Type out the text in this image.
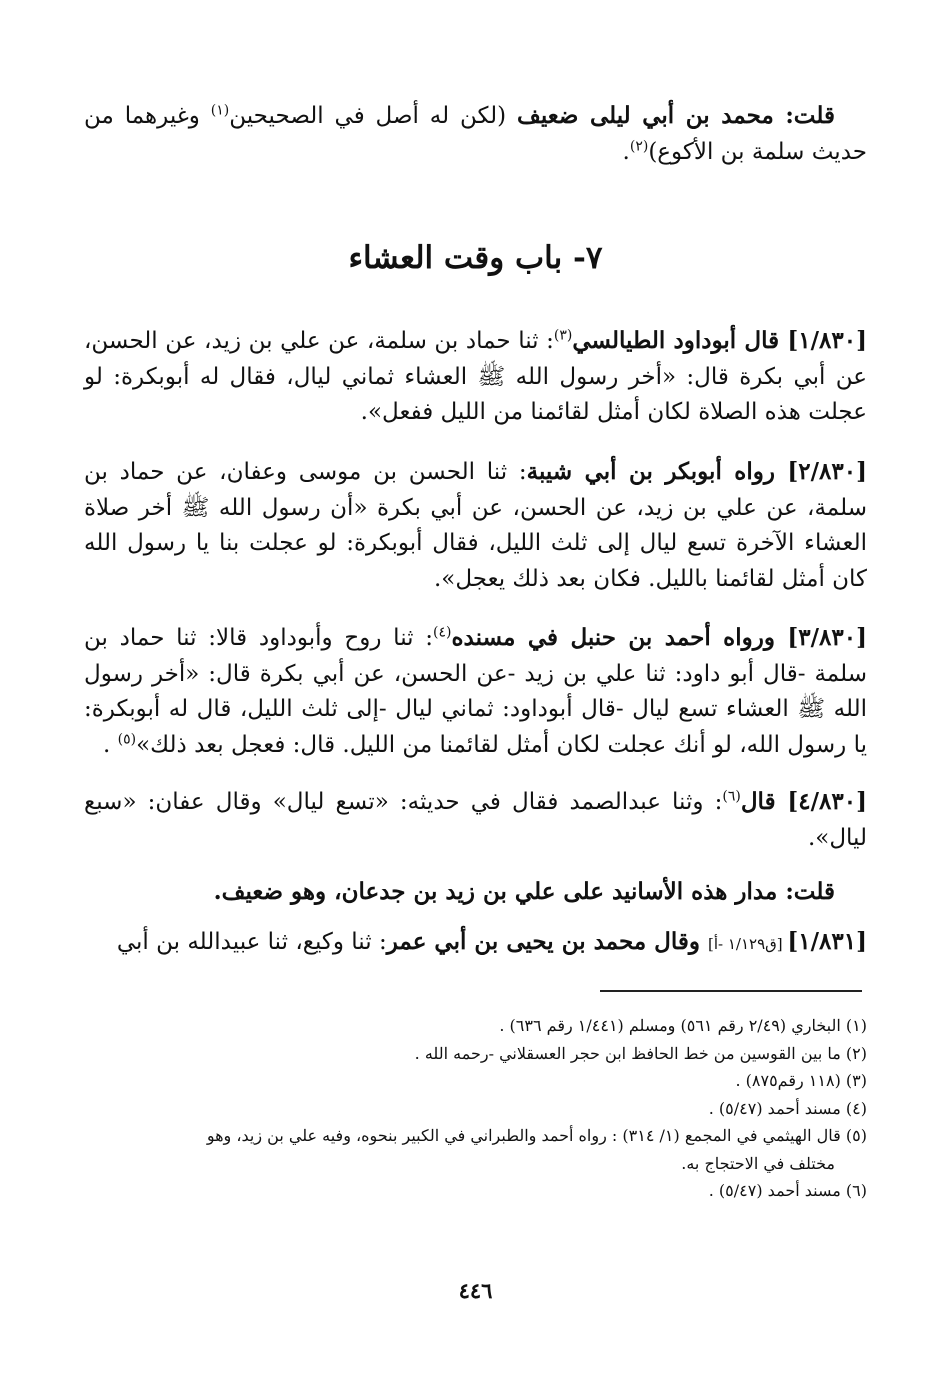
قلت: محمد بن أبي ليلى ضعيف (لكن له أصل في الصحيحين$^{(١)}$ وغيرهما من حديث سلمة بن الأكوع)$^{(٢)}$.

٧- باب وقت العشاء

[١/٨٣٠] قال أبوداود الطيالسي$^{(٣)}$: ثنا حماد بن سلمة، عن علي بن زيد، عن الحسن، عن أبي بكرة قال: «أخر رسول الله ﷺ العشاء ثماني ليال، فقال له أبوبكرة: لو عجلت هذه الصلاة لكان أمثل لقائمنا من الليل ففعل».

[٢/٨٣٠] رواه أبوبكر بن أبي شيبة: ثنا الحسن بن موسى وعفان، عن حماد بن سلمة، عن علي بن زيد، عن الحسن، عن أبي بكرة «أن رسول الله ﷺ أخر صلاة العشاء الآخرة تسع ليال إلى ثلث الليل، فقال أبوبكرة: لو عجلت بنا يا رسول الله كان أمثل لقائمنا بالليل. فكان بعد ذلك يعجل».

[٣/٨٣٠] ورواه أحمد بن حنبل في مسنده$^{(٤)}$: ثنا روح وأبوداود قالا: ثنا حماد بن سلمة -قال أبو داود: ثنا علي بن زيد -عن الحسن، عن أبي بكرة قال: «أخر رسول الله ﷺ العشاء تسع ليال -قال أبوداود: ثماني ليال -إلى ثلث الليل، قال له أبوبكرة: يا رسول الله، لو أنك عجلت لكان أمثل لقائمنا من الليل. قال: فعجل بعد ذلك»$^{(٥)}$ .

[٤/٨٣٠] قال$^{(٦)}$: وثنا عبدالصمد فقال في حديثه: «تسع ليال» وقال عفان: «سبع ليال».

قلت: مدار هذه الأسانيد على علي بن زيد بن جدعان، وهو ضعيف.

[١/٨٣١] [ق١/١٢٩ -أ] وقال محمد بن يحيى بن أبي عمر: ثنا وكيع، ثنا عبيدالله بن أبي

(١) البخاري (٢/٤٩ رقم ٥٦١) ومسلم (١/٤٤١ رقم ٦٣٦) .
(٢) ما بين القوسين من خط الحافظ ابن حجر العسقلاني -رحمه الله .
(٣) (١١٨ رقم٨٧٥) .
(٤) مسند أحمد (٥/٤٧) .
(٥) قال الهيثمي في المجمع (١/ ٣١٤) : رواه أحمد والطبراني في الكبير بنحوه، وفيه علي بن زيد، وهو
مختلف في الاحتجاج به.
(٦) مسند أحمد (٥/٤٧) .
٤٤٦
